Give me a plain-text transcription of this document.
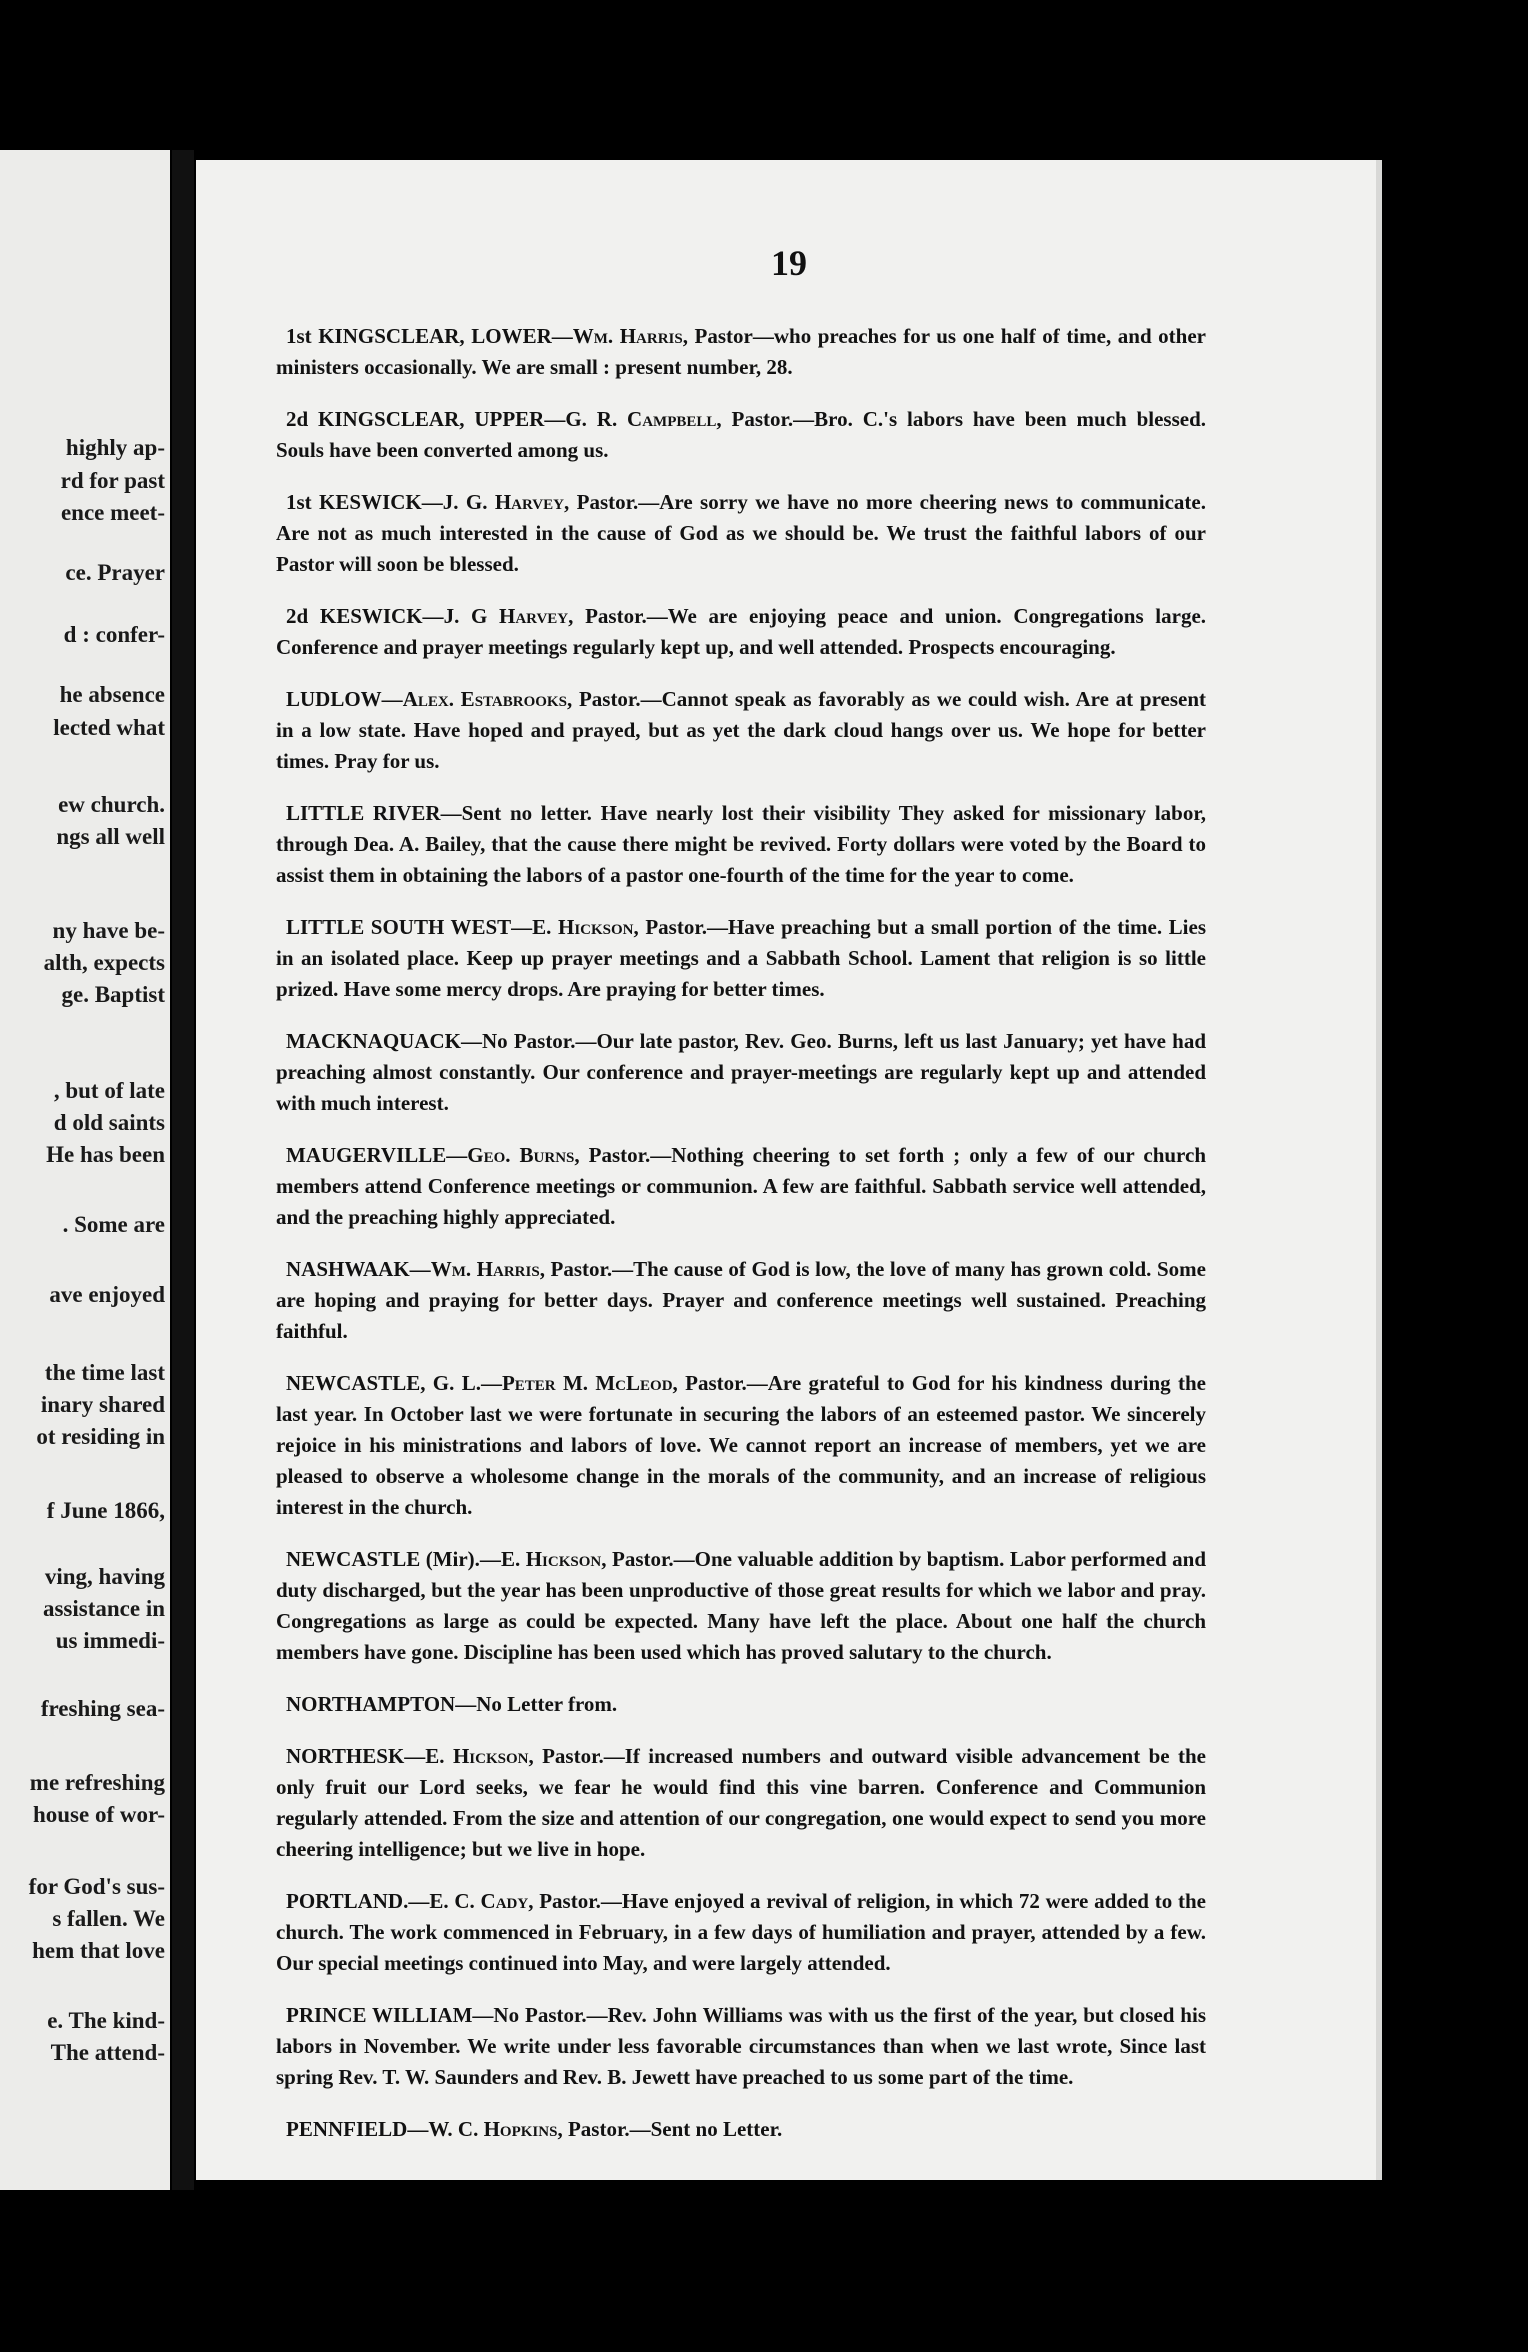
highly ap-
rd for past
ence meet-
ce. Prayer
d : confer-
he absence
lected what
ew church.
ngs all well
ny have be-
alth, expects
ge. Baptist
, but of late
d old saints
He has been
. Some are
ave enjoyed
the time last
inary shared
ot residing in
f June 1866,
ving, having
assistance in
us immedi-
freshing sea-
me refreshing
house of wor-
for God's sus-
s fallen. We
hem that love
e. The kind-
The attend-
19

1st KINGSCLEAR, LOWER—Wm. Harris, Pastor—who preaches for us one half of time, and other ministers occasionally. We are small : present number, 28.

2d KINGSCLEAR, UPPER—G. R. Campbell, Pastor.—Bro. C.'s labors have been much blessed. Souls have been converted among us.

1st KESWICK—J. G. Harvey, Pastor.—Are sorry we have no more cheering news to communicate. Are not as much interested in the cause of God as we should be. We trust the faithful labors of our Pastor will soon be blessed.

2d KESWICK—J. G Harvey, Pastor.—We are enjoying peace and union. Congregations large. Conference and prayer meetings regularly kept up, and well attended. Prospects encouraging.

LUDLOW—Alex. Estabrooks, Pastor.—Cannot speak as favorably as we could wish. Are at present in a low state. Have hoped and prayed, but as yet the dark cloud hangs over us. We hope for better times. Pray for us.

LITTLE RIVER—Sent no letter. Have nearly lost their visibility They asked for missionary labor, through Dea. A. Bailey, that the cause there might be revived. Forty dollars were voted by the Board to assist them in obtaining the labors of a pastor one-fourth of the time for the year to come.

LITTLE SOUTH WEST—E. Hickson, Pastor.—Have preaching but a small portion of the time. Lies in an isolated place. Keep up prayer meetings and a Sabbath School. Lament that religion is so little prized. Have some mercy drops. Are praying for better times.

MACKNAQUACK—No Pastor.—Our late pastor, Rev. Geo. Burns, left us last January; yet have had preaching almost constantly. Our conference and prayer-meetings are regularly kept up and attended with much interest.

MAUGERVILLE—Geo. Burns, Pastor.—Nothing cheering to set forth ; only a few of our church members attend Conference meetings or communion. A few are faithful. Sabbath service well attended, and the preaching highly appreciated.

NASHWAAK—Wm. Harris, Pastor.—The cause of God is low, the love of many has grown cold. Some are hoping and praying for better days. Prayer and conference meetings well sustained. Preaching faithful.

NEWCASTLE, G. L.—Peter M. McLeod, Pastor.—Are grateful to God for his kindness during the last year. In October last we were fortunate in securing the labors of an esteemed pastor. We sincerely rejoice in his ministrations and labors of love. We cannot report an increase of members, yet we are pleased to observe a wholesome change in the morals of the community, and an increase of religious interest in the church.

NEWCASTLE (Mir).—E. Hickson, Pastor.—One valuable addition by baptism. Labor performed and duty discharged, but the year has been unproductive of those great results for which we labor and pray. Congregations as large as could be expected. Many have left the place. About one half the church members have gone. Discipline has been used which has proved salutary to the church.

NORTHAMPTON—No Letter from.

NORTHESK—E. Hickson, Pastor.—If increased numbers and outward visible advancement be the only fruit our Lord seeks, we fear he would find this vine barren. Conference and Communion regularly attended. From the size and attention of our congregation, one would expect to send you more cheering intelligence; but we live in hope.

PORTLAND.—E. C. Cady, Pastor.—Have enjoyed a revival of religion, in which 72 were added to the church. The work commenced in February, in a few days of humiliation and prayer, attended by a few. Our special meetings continued into May, and were largely attended.

PRINCE WILLIAM—No Pastor.—Rev. John Williams was with us the first of the year, but closed his labors in November. We write under less favorable circumstances than when we last wrote, Since last spring Rev. T. W. Saunders and Rev. B. Jewett have preached to us some part of the time.

PENNFIELD—W. C. Hopkins, Pastor.—Sent no Letter.
